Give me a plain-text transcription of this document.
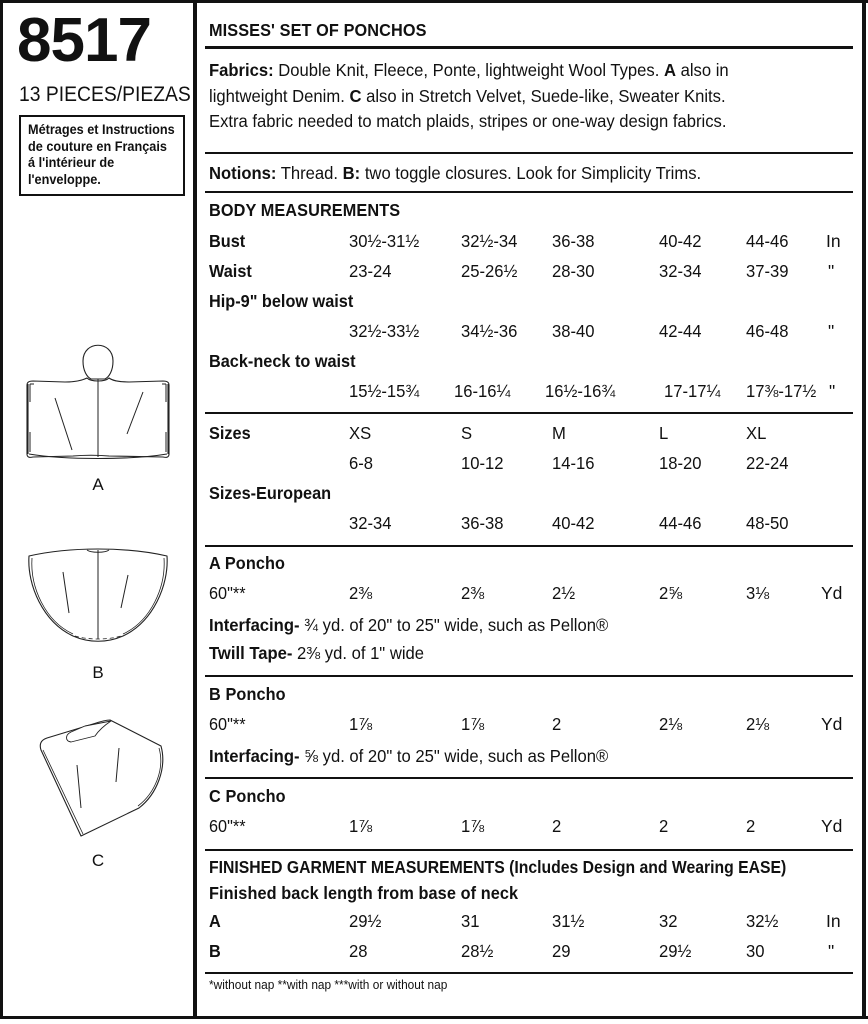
8517
13 PIECES/PIEZAS

Métrages et Instructions

de couture en Français

á l'intérieur de

l'enveloppe.

A
B
C
MISSES' SET OF PONCHOS
Fabrics: Double Knit, Fleece, Ponte, lightweight Wool Types. A also in
lightweight Denim. C also in Stretch Velvet, Suede-like, Sweater Knits.
Extra fabric needed to match plaids, stripes or one-way design fabrics.
Notions: Thread. B: two toggle closures. Look for Simplicity Trims.
BODY MEASUREMENTS
Bust	30½-31½ 32½-34 36-38	40-42	44-46 In
Waist	23-24	25-26½ 28-30	32-34	37-39 "
Hip-9" below waist
32½-33½ 34½-36 38-40	42-44	46-48 "
Back-neck to waist
15½-15¾ 16-16¼ 16½-16¾	17-17¼ 17⅜-17½ "
Sizes	XS	S	M	L	XL
6-8	10-12	14-16	18-20	22-24
Sizes-European
32-34	36-38	40-42	44-46	48-50
A Poncho
60"**	2⅜	2⅜	2½	2⅝	3⅛	Yd
Interfacing- ¾ yd. of 20" to 25" wide, such as Pellon®
Twill Tape- 2⅜ yd. of 1" wide
B Poncho
60"**	1⅞	1⅞	2	2⅛	2⅛	Yd
Interfacing- ⅝ yd. of 20" to 25" wide, such as Pellon®
C Poncho
60"**	1⅞	1⅞	2	2	2	Yd
FINISHED GARMENT MEASUREMENTS (Includes Design and Wearing EASE)
Finished back length from base of neck
A	29½	31	31½	32	32½	In
B	28	28½	29	29½	30	"
*without nap **with nap ***with or without nap
